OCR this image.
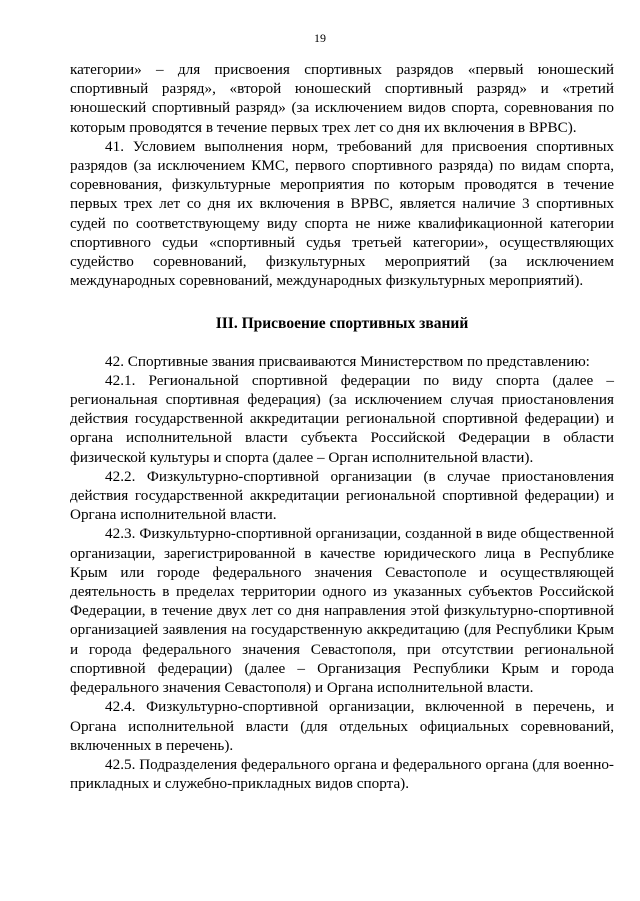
19

категории» – для присвоения спортивных разрядов «первый юношеский спортивный разряд», «второй юношеский спортивный разряд» и «третий юношеский спортивный разряд» (за исключением видов спорта, соревнования по которым проводятся в течение первых трех лет со дня их включения в ВРВС).

41. Условием выполнения норм, требований для присвоения спортивных разрядов (за исключением КМС, первого спортивного разряда) по видам спорта, соревнования, физкультурные мероприятия по которым проводятся в течение первых трех лет со дня их включения в ВРВС, является наличие 3 спортивных судей по соответствующему виду спорта не ниже квалификационной категории спортивного судьи «спортивный судья третьей категории», осуществляющих судейство соревнований, физкультурных мероприятий (за исключением международных соревнований, международных физкультурных мероприятий).

III. Присвоение спортивных званий

42. Спортивные звания присваиваются Министерством по представлению:

42.1. Региональной спортивной федерации по виду спорта (далее – региональная спортивная федерация) (за исключением случая приостановления действия государственной аккредитации региональной спортивной федерации) и органа исполнительной власти субъекта Российской Федерации в области физической культуры и спорта (далее – Орган исполнительной власти).

42.2. Физкультурно-спортивной организации (в случае приостановления действия государственной аккредитации региональной спортивной федерации) и Органа исполнительной власти.

42.3. Физкультурно-спортивной организации, созданной в виде общественной организации, зарегистрированной в качестве юридического лица в Республике Крым или городе федерального значения Севастополе и осуществляющей деятельность в пределах территории одного из указанных субъектов Российской Федерации, в течение двух лет со дня направления этой физкультурно-спортивной организацией заявления на государственную аккредитацию (для Республики Крым и города федерального значения Севастополя, при отсутствии региональной спортивной федерации) (далее – Организация Республики Крым и города федерального значения Севастополя) и Органа исполнительной власти.

42.4. Физкультурно-спортивной организации, включенной в перечень, и Органа исполнительной власти (для отдельных официальных соревнований, включенных в перечень).

42.5. Подразделения федерального органа и федерального органа (для военно-прикладных и служебно-прикладных видов спорта).
